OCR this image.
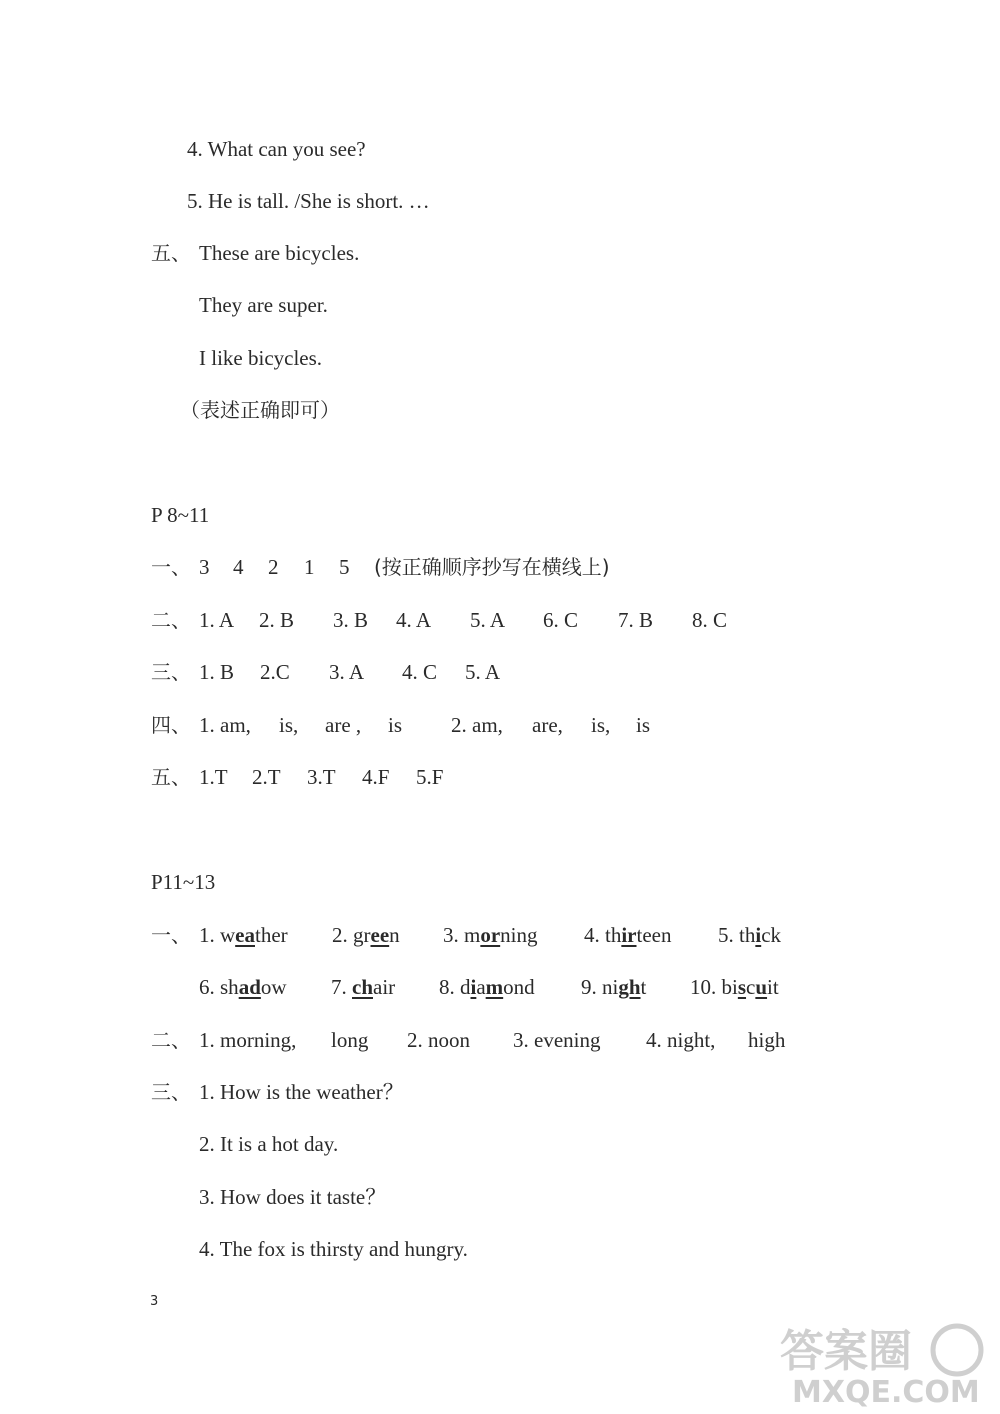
4. What can you see?
5. He is tall. /She is short. …
五、 These are bicycles.
They are super.
I like bicycles.
（表述正确即可）
P 8~11
一、 3 4 2 1 5 (按正确顺序抄写在横线上)
二、 1. A 2. B 3. B 4. A 5. A 6. C 7. B 8. C
三、 1. B 2.C 3. A 4. C 5. A
四、 1. am, is, are , is 2. am, are, is, is
五、 1.T 2.T 3.T 4.F 5.F
P11~13
一、 1. weather 2. green 3. morning 4. thirteen 5. thick
6. shadow 7. chair 8. diamond 9. night 10. biscuit
二、 1. morning, long 2. noon 3. evening 4. night, high
三、 1. How is the weather？
2. It is a hot day.
3. How does it taste？
4. The fox is thirsty and hungry.
3
答案圈
MXQE.COM
